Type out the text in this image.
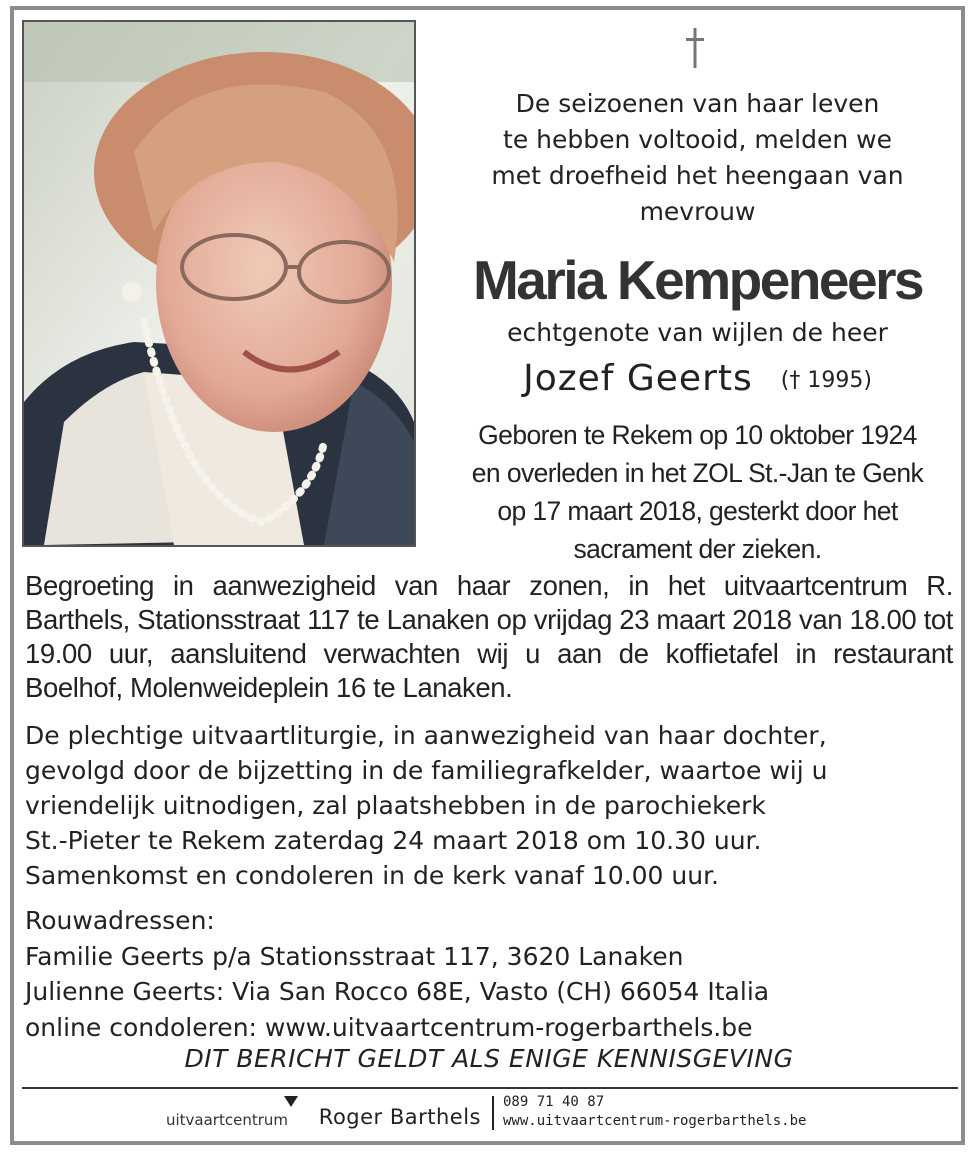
De seizoenen van haar leven
te hebben voltooid, melden we
met droefheid het heengaan van
mevrouw
Maria Kempeneers
echtgenote van wijlen de heer
Jozef Geerts († 1995)
Geboren te Rekem op 10 oktober 1924
en overleden in het ZOL St.-Jan te Genk
op 17 maart 2018, gesterkt door het
sacrament der zieken.
Begroeting in aanwezigheid van haar zonen, in het uitvaartcentrum R. Barthels, Stationsstraat 117 te Lanaken op vrijdag 23 maart 2018 van 18.00 tot 19.00 uur, aansluitend verwachten wij u aan de koffietafel in restaurant Boelhof, Molenweideplein 16 te Lanaken.
De plechtige uitvaartliturgie, in aanwezigheid van haar dochter,
gevolgd door de bijzetting in de familiegrafkelder, waartoe wij u
vriendelijk uitnodigen, zal plaatshebben in de parochiekerk
St.-Pieter te Rekem zaterdag 24 maart 2018 om 10.30 uur.
Samenkomst en condoleren in de kerk vanaf 10.00 uur.
Rouwadressen:
Familie Geerts p/a Stationsstraat 117, 3620 Lanaken
Julienne Geerts: Via San Rocco 68E, Vasto (CH) 66054 Italia
online condoleren: www.uitvaartcentrum-rogerbarthels.be
DIT BERICHT GELDT ALS ENIGE KENNISGEVING
uitvaartcentrum Roger Barthels
089 71 40 87
www.uitvaartcentrum-rogerbarthels.be
